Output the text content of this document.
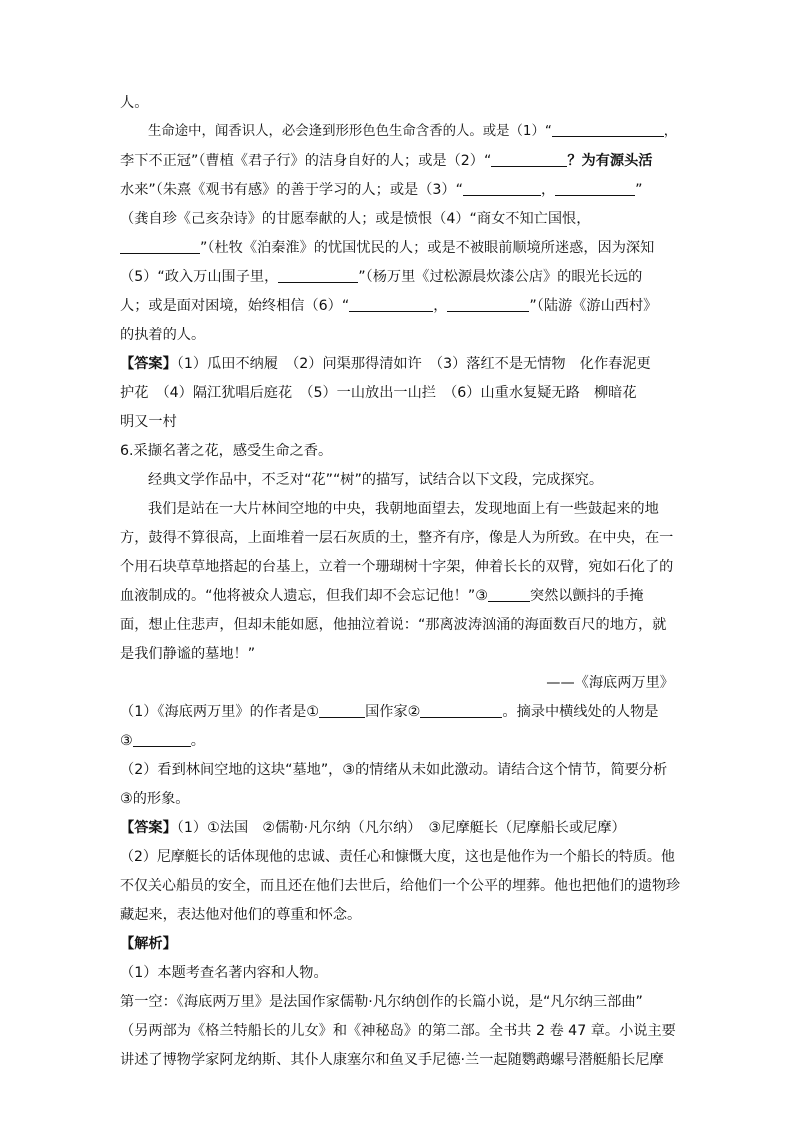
人。
生命途中，闻香识人，必会逢到形形色色生命含香的人。或是（1）“	，
李下不正冠”（曹植《君子行》的洁身自好的人；或是（2）“	？为有源头活
水来”（朱熹《观书有感》的善于学习的人；或是（3）“	，	”
（龚自珍《己亥杂诗》的甘愿奉献的人；或是愤恨（4）“商女不知亡国恨，
”（杜牧《泊秦淮》的忧国忧民的人；或是不被眼前顺境所迷惑，因为深知
（5）“政入万山围子里，	”（杨万里《过松源晨炊漆公店》的眼光长远的
人；或是面对困境，始终相信（6）“	，	”（陆游《游山西村》
的执着的人。
【答案】（1）瓜田不纳履　（2）问渠那得清如许　（3）落红不是无情物　化作春泥更
护花　（4）隔江犹唱后庭花　（5）一山放出一山拦　（6）山重水复疑无路　柳暗花
明又一村
6.采撷名著之花，感受生命之香。
经典文学作品中，不乏对“花”“树”的描写，试结合以下文段，完成探究。
我们是站在一大片林间空地的中央，我朝地面望去，发现地面上有一些鼓起来的地
方，鼓得不算很高，上面堆着一层石灰质的土，整齐有序，像是人为所致。在中央，在一
个用石块草草地搭起的台基上，立着一个珊瑚树十字架，伸着长长的双臂，宛如石化了的
血液制成的。“他将被众人遗忘，但我们却不会忘记他！”③	突然以颤抖的手掩
面，想止住悲声，但却未能如愿，他抽泣着说：“那离波涛汹涌的海面数百尺的地方，就
是我们静谧的墓地！”
——《海底两万里》
（1）《海底两万里》的作者是①	国作家②	。摘录中横线处的人物是
③	。
（2）看到林间空地的这块“墓地”，③的情绪从未如此激动。请结合这个情节，简要分析
③的形象。
【答案】（1）①法国　②儒勒·凡尔纳（凡尔纳）　③尼摩艇长（尼摩船长或尼摩）
（2）尼摩艇长的话体现他的忠诚、责任心和慷慨大度，这也是他作为一个船长的特质。他
不仅关心船员的安全，而且还在他们去世后，给他们一个公平的埋葬。他也把他们的遗物珍
藏起来，表达他对他们的尊重和怀念。
【解析】
（1）本题考查名著内容和人物。
第一空：《海底两万里》是法国作家儒勒·凡尔纳创作的长篇小说，是“凡尔纳三部曲”
（另两部为《格兰特船长的儿女》和《神秘岛》的第二部。全书共 2 卷 47 章。小说主要
讲述了博物学家阿龙纳斯、其仆人康塞尔和鱼叉手尼德·兰一起随鹦鹉螺号潜艇船长尼摩
